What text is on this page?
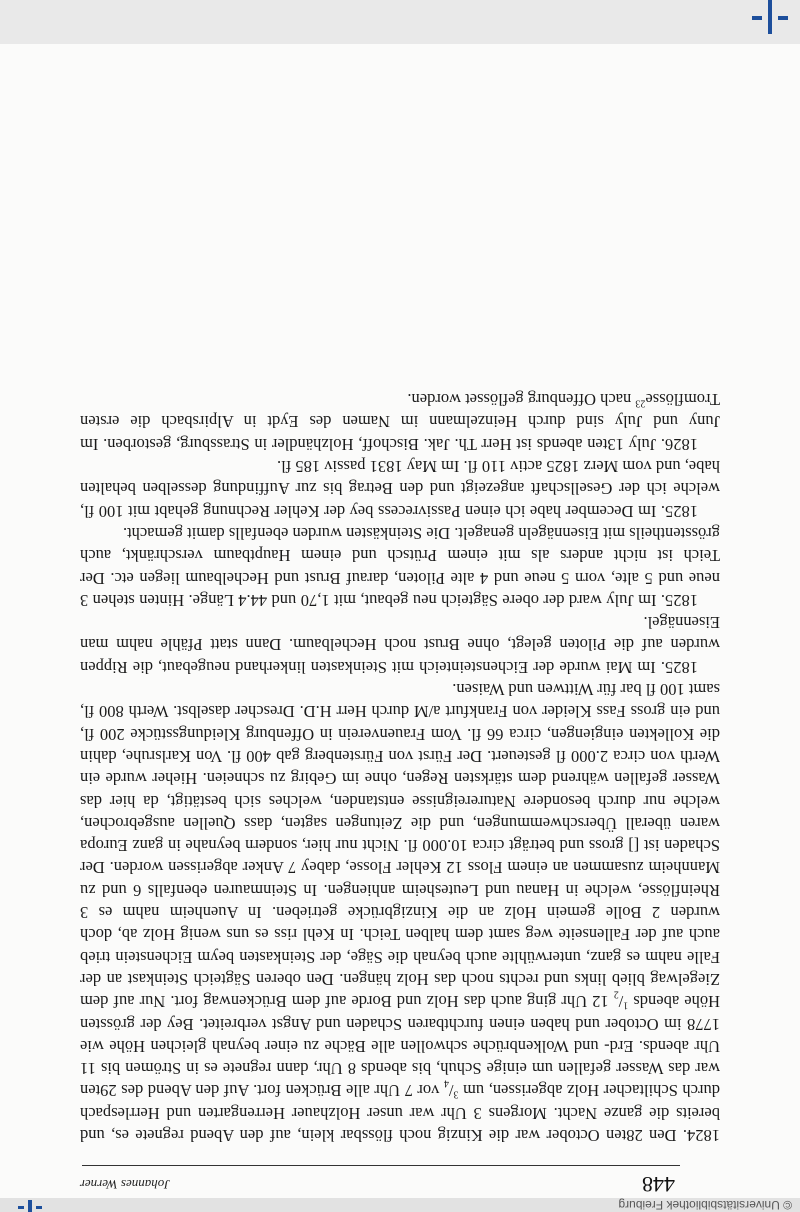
© Universitätsbibliothek Freiburg
448
Johannes Werner

1824. Den 28ten October war die Kinzig noch flössbar klein, auf den Abend regnete es, und bereits die ganze Nacht. Morgens 3 Uhr war unser Holzhauer Herrengarten und Herrlespach durch Schiltacher Holz abgerissen, um $^3/_4$ vor 7 Uhr alle Brücken fort. Auf den Abend des 29ten war das Wasser gefallen um einige Schuh, bis abends 8 Uhr, dann regnete es in Strömen bis 11 Uhr abends. Erd- und Wolkenbrüche schwollen alle Bäche zu einer beynah gleichen Höhe wie 1778 im October und haben einen furchtbaren Schaden und Angst verbreitet. Bey der grössten Höhe abends $^1/_2$ 12 Uhr ging auch das Holz und Borde auf dem Brückenwag fort. Nur auf dem Ziegelwag blieb links und rechts noch das Holz hängen. Den oberen Sägteich Steinkast an der Falle nahm es ganz, unterwühlte auch beynah die Säge, der Steinkasten beym Eichenstein trieb auch auf der Fallenseite weg samt dem halben Teich. In Kehl riss es uns wenig Holz ab, doch wurden 2 Bolle gemein Holz an die Kinzigbrücke getrieben. In Auenheim nahm es 3 Rheinflösse, welche in Hanau und Leutesheim anhiengen. In Steinmauren ebenfalls 6 und zu Mannheim zusammen an einem Floss 12 Kehler Flosse, dabey 7 Anker abgerissen worden. Der Schaden ist [] gross und beträgt circa 10.000 fl. Nicht nur hier, sondern beynahe in ganz Europa waren überall Überschwemmungen, und die Zeitungen sagten, dass Quellen ausgebrochen, welche nur durch besondere Naturereignisse entstanden, welches sich bestätigt, da hier das Wasser gefallen während dem stärksten Regen, ohne im Gebirg zu schneien. Hieher wurde ein Werth von circa 2.000 fl gesteuert. Der Fürst von Fürstenberg gab 400 fl. Von Karlsruhe, dahin die Kollekten eingiengen, circa 66 fl. Vom Frauenverein in Offenburg Kleidungsstücke 200 fl, und ein gross Fass Kleider von Frankfurt a/M durch Herr H.D. Drescher daselbst. Werth 800 fl, samt 100 fl bar für Wittwen und Waisen.

1825. Im Mai wurde der Eichensteinteich mit Steinkasten linkerhand neugebaut, die Rippen wurden auf die Piloten gelegt, ohne Brust noch Hechelbaum. Dann statt Pfähle nahm man Eisennägel.

1825. Im July ward der obere Sägteich neu gebaut, mit 1,70 und 44.4 Länge. Hinten stehen 3 neue und 5 alte, vorn 5 neue und 4 alte Piloten, darauf Brust und Hechelbaum liegen etc. Der Teich ist nicht anders als mit einem Prütsch und einem Hauptbaum verschränkt, auch grösstentheils mit Eisennägeln genagelt. Die Steinkästen wurden ebenfalls damit gemacht.

1825. Im December habe ich einen Passivrecess bey der Kehler Rechnung gehabt mit 100 fl, welche ich der Gesellschaft angezeigt und den Betrag bis zur Auffindung desselben behalten habe, und vom Merz 1825 activ 110 fl. Im May 1831 passiv 185 fl.

1826. July 13ten abends ist Herr Th. Jak. Bischoff, Holzhändler in Strassburg, gestorben. Im Juny und July sind durch Heinzelmann im Namen des Eydt in Alpirsbach die ersten Tromflösse$^{23}$ nach Offenburg geflösset worden.
